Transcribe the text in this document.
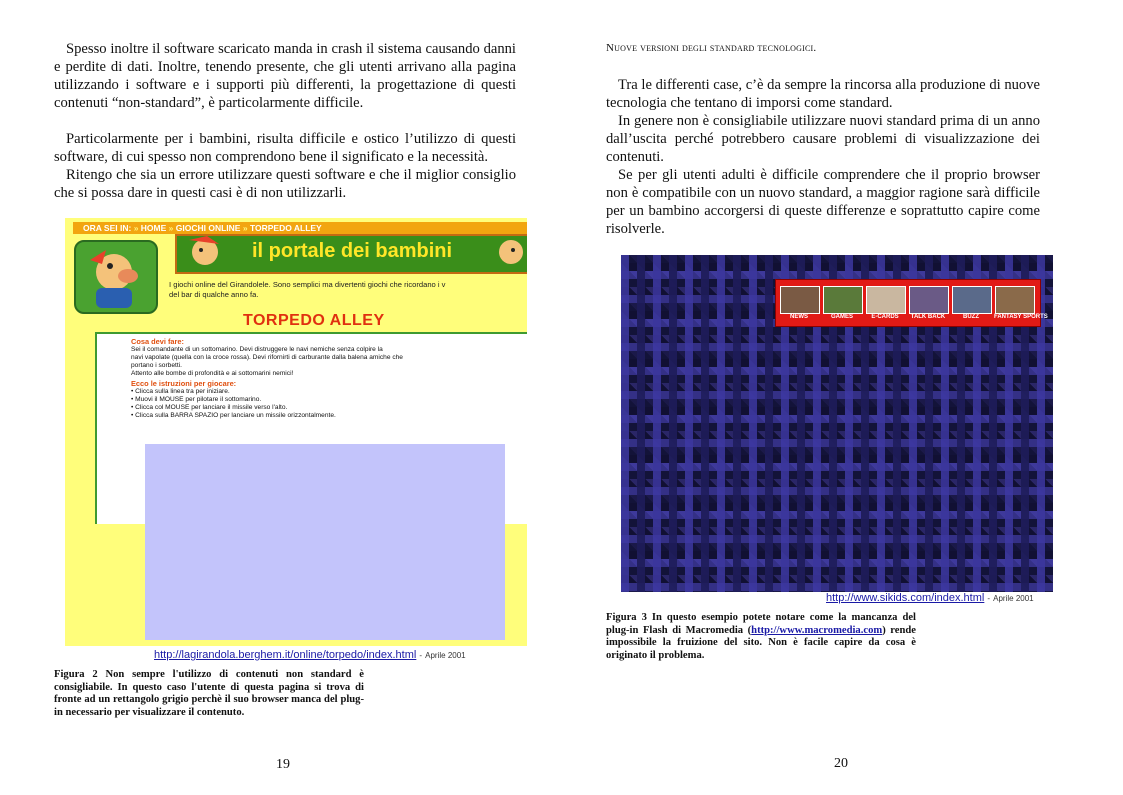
Spesso inoltre il software scaricato manda in crash il sistema causando danni e perdite di dati. Inoltre, tenendo presente, che gli utenti arrivano alla pagina utilizzando i software e i supporti più differenti, la progettazione di questi contenuti “non-standard”, è particolarmente difficile.

Particolarmente per i bambini, risulta difficile e ostico l’utilizzo di questi software, di cui spesso non comprendono bene il significato e la necessità.

Ritengo che sia un errore utilizzare questi software e che il miglior consiglio che si possa dare in questi casi è di non utilizzarli.

ORA SEI IN: » HOME » GIOCHI ONLINE » TORPEDO ALLEY
il portale dei bambini
I giochi online del Girandolele. Sono semplici ma divertenti giochi che ricordano i v
del bar di qualche anno fa.
TORPEDO ALLEY
Cosa devi fare:
Sei il comandante di un sottomarino. Devi distruggere le navi nemiche senza colpire la
navi vapolate (quella con la croce rossa). Devi rifornirti di carburante dalla balena amiche che
portano i sorbetti.
Attento alle bombe di profondità e ai sottomarini nemici!
Ecco le istruzioni per giocare:
• Clicca sulla linea tra per iniziare.
• Muovi il MOUSE per pilotare il sottomarino.
• Clicca col MOUSE per lanciare il missile verso l'alto.
• Clicca sulla BARRA SPAZIO per lanciare un missile orizzontalmente.
http://lagirandola.berghem.it/online/torpedo/index.html - Aprile 2001
Figura 2 Non sempre l'utilizzo di contenuti non standard è consigliabile. In questo caso l'utente di questa pagina si trova di fronte ad un rettangolo grigio perchè il suo browser manca del plug-in necessario per visualizzare il contenuto.
19
Nuove versioni degli standard tecnologici.

Tra le differenti case, c’è da sempre la rincorsa alla produzione di nuove tecnologia che tentano di imporsi come standard.

In genere non è consigliabile utilizzare nuovi standard prima di un anno dall’uscita perché potrebbero causare problemi di visualizzazione dei contenuti.

Se per gli utenti adulti è difficile comprendere che il proprio browser non è compatibile con un nuovo standard, a maggior ragione sarà difficile per un bambino accorgersi di queste differenze e soprattutto capire come risolverle.

NEWS	GAMES	E-CARDS	TALK BACK	BUZZ	FANTASY SPORTS
http://www.sikids.com/index.html - Aprile 2001
Figura 3 In questo esempio potete notare come la mancanza del plug-in Flash di Macromedia (http://www.macromedia.com) rende impossibile la fruizione del sito. Non è facile capire da cosa è originato il problema.
20
